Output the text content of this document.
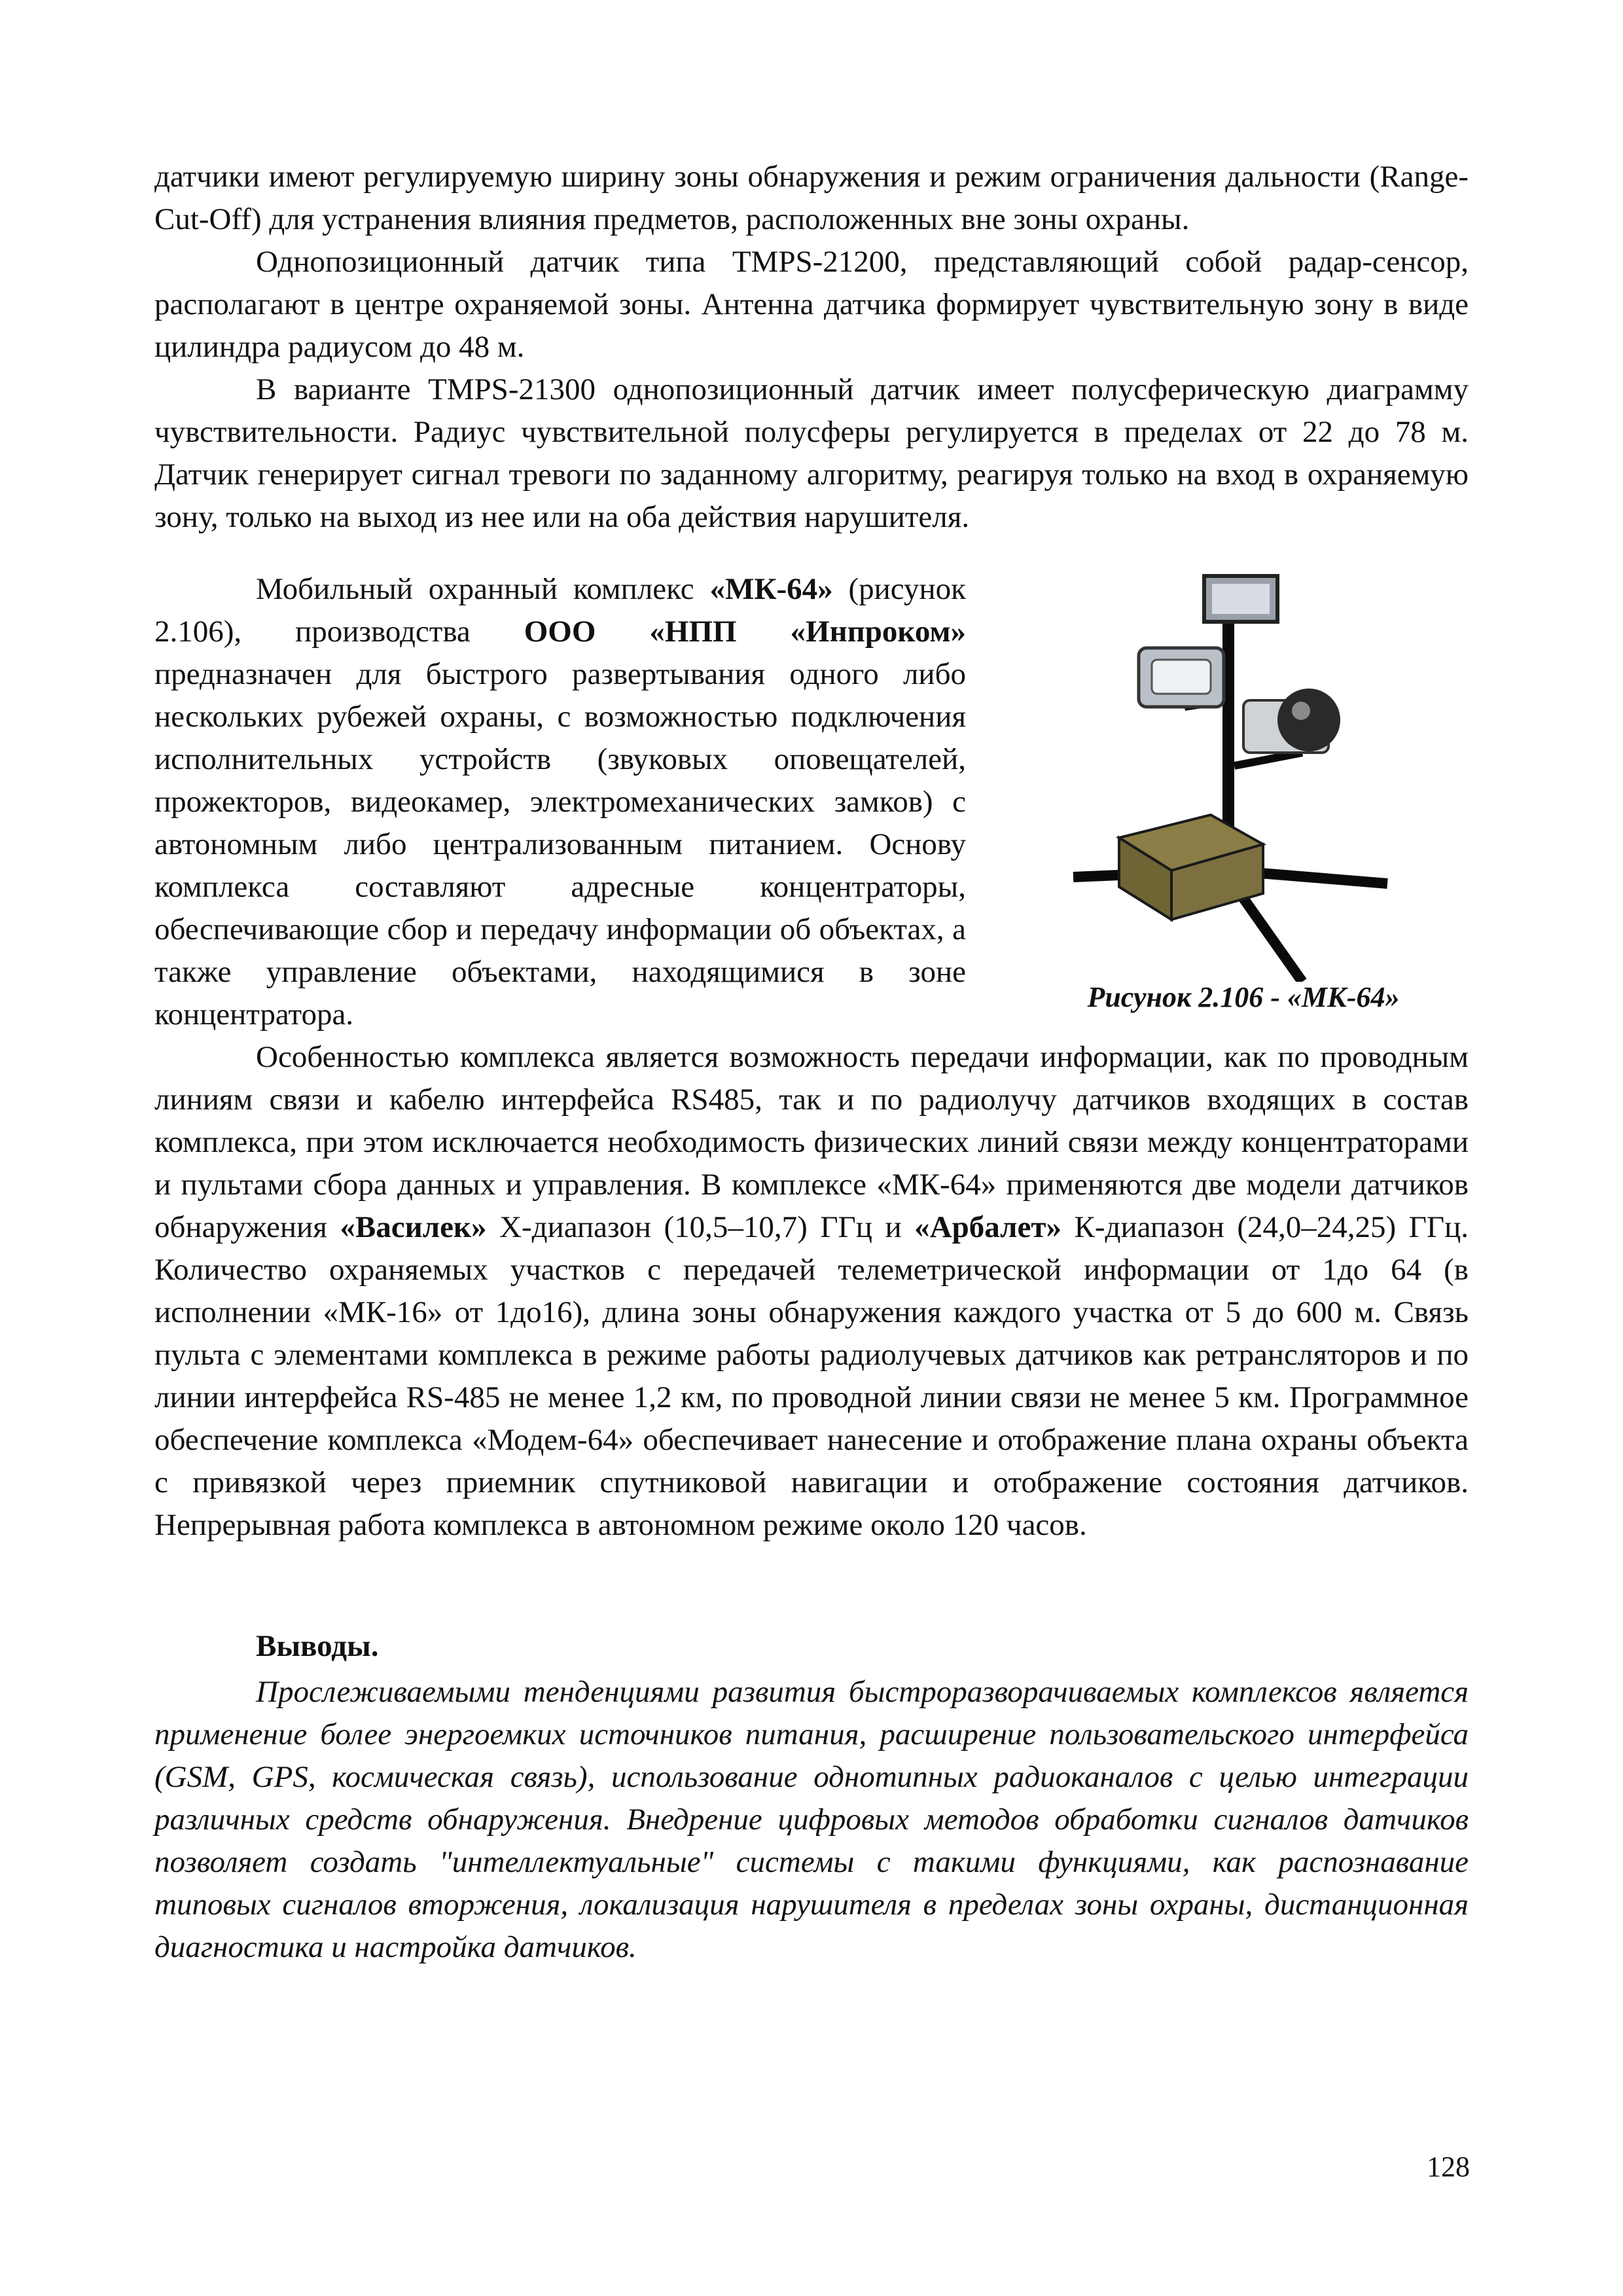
датчики имеют регулируемую ширину зоны обнаружения и режим ограничения дальности (Range-Cut-Off) для устранения влияния предметов, расположенных вне зоны охраны.

Однопозиционный датчик типа TMPS-21200, представляющий собой радар-сенсор, располагают в центре охраняемой зоны. Антенна датчика формирует чувствительную зону в виде цилиндра радиусом до 48 м.

В варианте TMPS-21300 однопозиционный датчик имеет полусферическую диаграмму чувствительности. Радиус чувствительной полусферы регулируется в пределах от 22 до 78 м. Датчик генерирует сигнал тревоги по заданному алгоритму, реагируя только на вход в охраняемую зону, только на выход из нее или на оба действия нарушителя.

Мобильный охранный комплекс «МК-64» (рисунок 2.106), производства ООО «НПП «Инпроком» предназначен для быстрого развертывания одного либо нескольких рубежей охраны, с возможностью подключения исполнительных устройств (звуковых оповещателей, прожекторов, видеокамер, электромеханических замков) с автономным либо централизованным питанием. Основу комплекса составляют адресные концентраторы, обеспечивающие сбор и передачу информации об объектах, а также управление объектами, находящимися в зоне концентратора.

Рисунок 2.106 - «МК-64»

Особенностью комплекса является возможность передачи информации, как по проводным линиям связи и кабелю интерфейса RS485, так и по радиолучу датчиков входящих в состав комплекса, при этом исключается необходимость физических линий связи между концентраторами и пультами сбора данных и управления. В комплексе «МК-64» применяются две модели датчиков обнаружения «Василек» Х-диапазон (10,5–10,7) ГГц и «Арбалет» К-диапазон (24,0–24,25) ГГц. Количество охраняемых участков с передачей телеметрической информации от 1до 64 (в исполнении «МК-16» от 1до16), длина зоны обнаружения каждого участка от 5 до 600 м. Связь пульта с элементами комплекса в режиме работы радиолучевых датчиков как ретрансляторов и по линии интерфейса RS-485 не менее 1,2 км, по проводной линии связи не менее 5 км. Программное обеспечение комплекса «Модем-64» обеспечивает нанесение и отображение плана охраны объекта с привязкой через приемник спутниковой навигации и отображение состояния датчиков. Непрерывная работа комплекса в автономном режиме около 120 часов.

Выводы.

Прослеживаемыми тенденциями развития быстроразворачиваемых комплексов является применение более энергоемких источников питания, расширение пользовательского интерфейса (GSM, GPS, космическая связь), использование однотипных радиоканалов с целью интеграции различных средств обнаружения. Внедрение цифровых методов обработки сигналов датчиков позволяет создать "интеллектуальные" системы с такими функциями, как распознавание типовых сигналов вторжения, локализация нарушителя в пределах зоны охраны, дистанционная диагностика и настройка датчиков.

128
